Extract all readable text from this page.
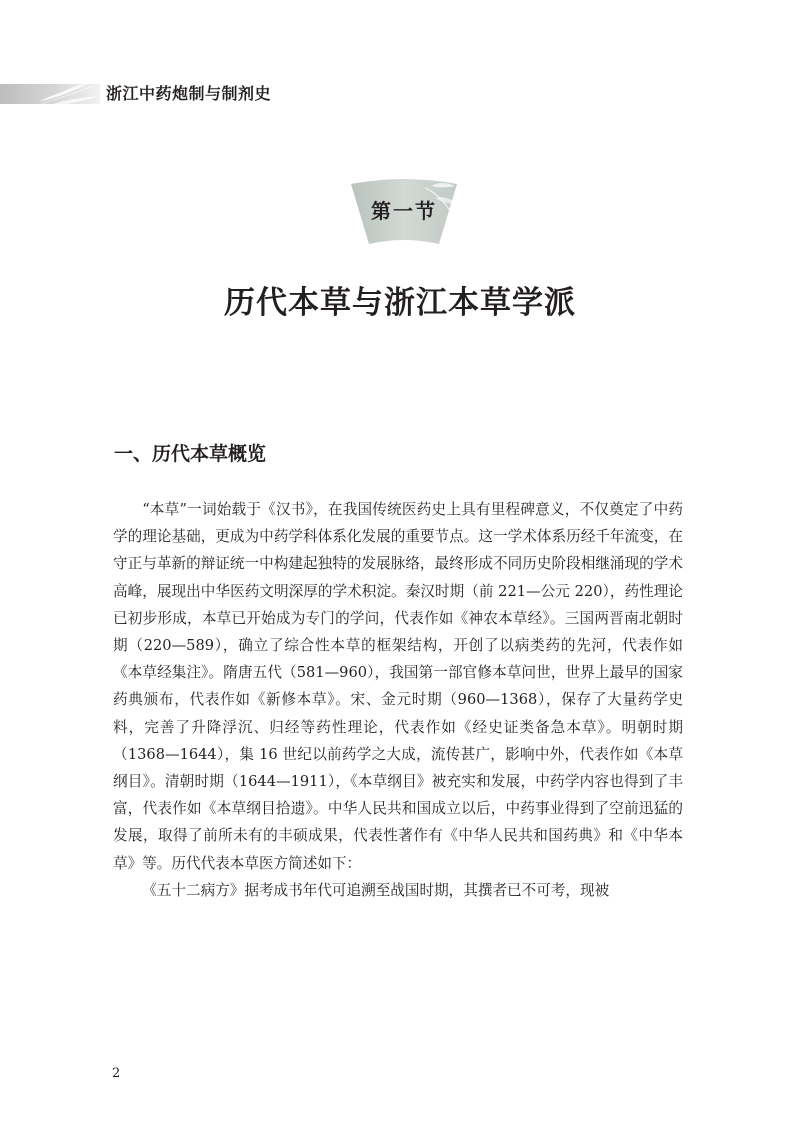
浙江中药炮制与制剂史
第一节
历代本草与浙江本草学派
一、历代本草概览

“本草”一词始载于《汉书》，在我国传统医药史上具有里程碑意义，不仅奠定了中药学的理论基础，更成为中药学科体系化发展的重要节点。这一学术体系历经千年流变，在守正与革新的辩证统一中构建起独特的发展脉络，最终形成不同历史阶段相继涌现的学术高峰，展现出中华医药文明深厚的学术积淀。秦汉时期（前 221—公元 220），药性理论已初步形成，本草已开始成为专门的学问，代表作如《神农本草经》。三国两晋南北朝时期（220—589），确立了综合性本草的框架结构，开创了以病类药的先河，代表作如《本草经集注》。隋唐五代（581—960），我国第一部官修本草问世，世界上最早的国家药典颁布，代表作如《新修本草》。宋、金元时期（960—1368），保存了大量药学史料，完善了升降浮沉、归经等药性理论，代表作如《经史证类备急本草》。明朝时期（1368—1644），集 16 世纪以前药学之大成，流传甚广，影响中外，代表作如《本草纲目》。清朝时期（1644—1911），《本草纲目》被充实和发展，中药学内容也得到了丰富，代表作如《本草纲目拾遗》。中华人民共和国成立以后，中药事业得到了空前迅猛的发展，取得了前所未有的丰硕成果，代表性著作有《中华人民共和国药典》和《中华本草》等。历代代表本草医方简述如下：

《五十二病方》据考成书年代可追溯至战国时期，其撰者已不可考，现被

2
